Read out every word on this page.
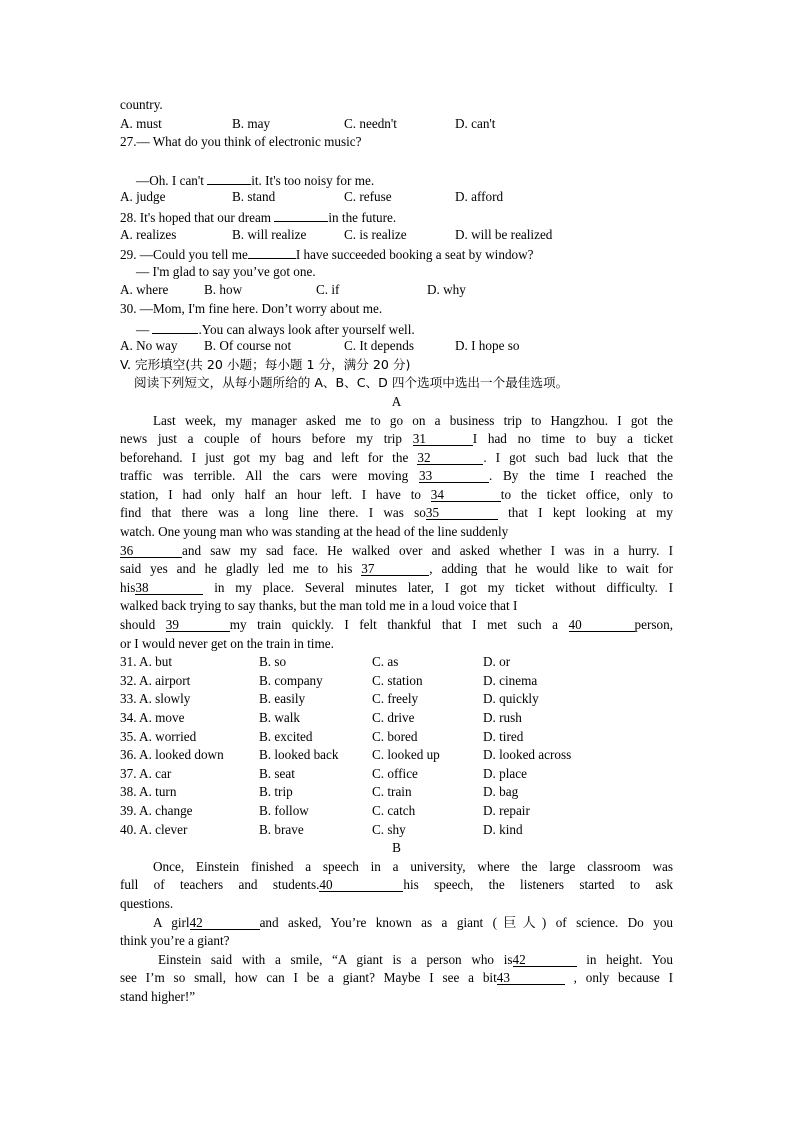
country.
A. must	B. may	C. needn't	D. can't
27.— What do you think of electronic music?
—Oh. I can't	it. It's too noisy for me.
A. judge	B. stand	C. refuse	D. afford
28. It's hoped that our dream	in the future.
A. realizes	B. will realize	C. is realize	D. will be realized
29. —Could you tell me	I have succeeded booking a seat by window?
— I'm glad to say you’ve got one.
A. where	B. how	C. if	D. why
30. —Mom, I'm fine here. Don’t worry about me.
—	.You can always look after yourself well.
A. No way B. Of course not	C. It depends	D. I hope so
V. 完形填空(共 20 小题；每小题 1 分，满分 20 分)
阅读下列短文，从每小题所给的 A、B、C、D 四个选项中选出一个最佳选项。
A
Last week, my manager asked me to go on a business trip to Hangzhou. I got the
news just a couple of hours before my trip 31	I had no time to buy a ticket
beforehand. I just got my bag and left for the 32	. I got such bad luck that the
traffic was terrible. All the cars were moving 33	. By the time I reached the
station, I had only half an hour left. I have to 34	to the ticket office, only to
find that there was a long line there. I was so35	that I kept looking at my
watch. One young man who was standing at the head of the line suddenly
36	and saw my sad face. He walked over and asked whether I was in a hurry. I
said yes and he gladly led me to his 37	, adding that he would like to wait for
his38	in my place. Several minutes later, I got my ticket without difficulty. I
walked back trying to say thanks, but the man told me in a loud voice that I
should 39	my train quickly. I felt thankful that I met such a 40	person,
or I would never get on the train in time.
31. A. but	B. so	C. as	D. or
32. A. airport	B. company	C. station	D. cinema
33. A. slowly	B. easily	C. freely	D. quickly
34. A. move	B. walk	C. drive	D. rush
35. A. worried	B. excited	C. bored	D. tired
36. A. looked down	B. looked back	C. looked up	D. looked across
37. A. car	B. seat	C. office	D. place
38. A. turn	B. trip	C. train	D. bag
39. A. change	B. follow	C. catch	D. repair
40. A. clever	B. brave	C. shy	D. kind
B
Once, Einstein finished a speech in a university, where the large classroom was
full of teachers and students.40	his speech, the listeners started to ask
questions.
A girl42	and asked, You’re known as a giant (巨人) of science. Do you
think you’re a giant?
Einstein said with a smile, “A giant is a person who is42	in height. You
see I’m so small, how can I be a giant? Maybe I see a bit43	, only because I
stand higher!”
